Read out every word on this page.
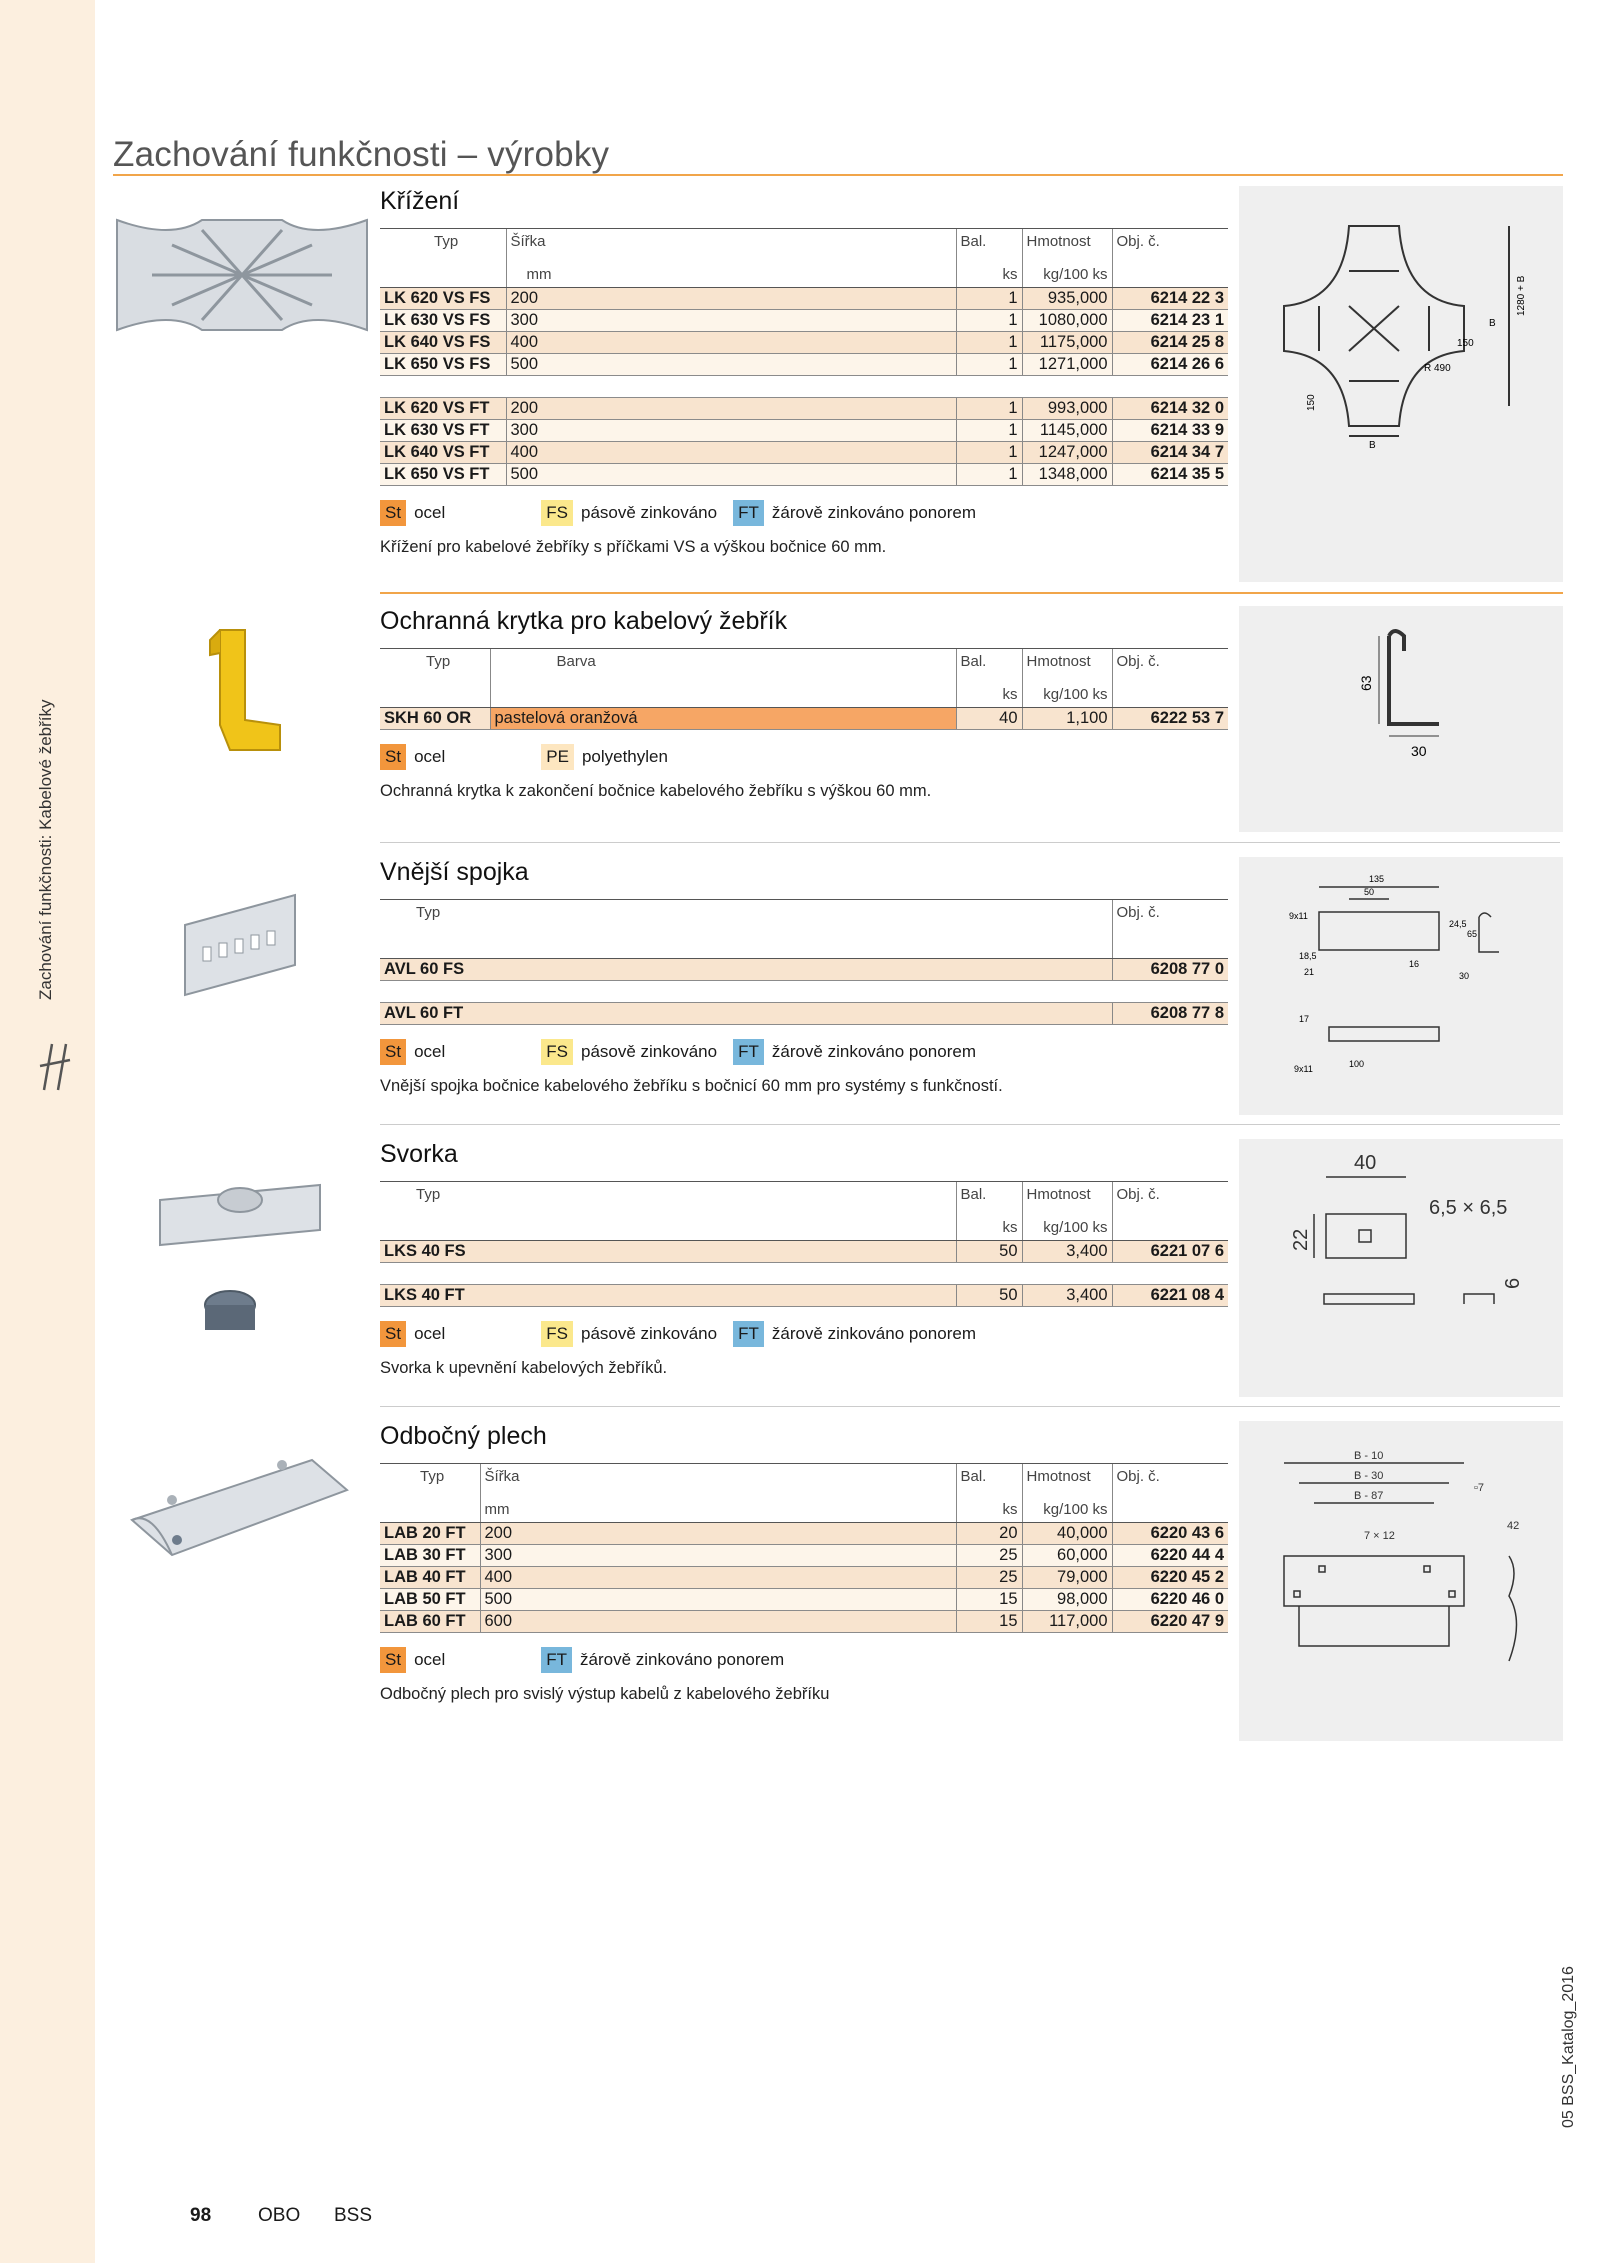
Zachování funkčnosti: Kabelové žebříky
05 BSS_Katalog_2016
Zachování funkčnosti – výrobky
1280 + B
B
150
R 490
150
B
Křížení
Typ	Šířka	Bal.	Hmotnost	Obj. č.
	mm	ks	kg/100 ks	
LK 620 VS FS	200	1	935,000	6214 22 3
LK 630 VS FS	300	1	1080,000	6214 23 1
LK 640 VS FS	400	1	1175,000	6214 25 8
LK 650 VS FS	500	1	1271,000	6214 26 6

LK 620 VS FT	200	1	993,000	6214 32 0
LK 630 VS FT	300	1	1145,000	6214 33 9
LK 640 VS FT	400	1	1247,000	6214 34 7
LK 650 VS FT	500	1	1348,000	6214 35 5
St ocel	FS pásově zinkováno FT žárově zinkováno ponorem
Křížení pro kabelové žebříky s příčkami VS a výškou bočnice 60 mm.
63
30
Ochranná krytka pro kabelový žebřík
Typ	Barva	Bal.	Hmotnost	Obj. č.
		ks	kg/100 ks	
SKH 60 OR	pastelová oranžová	40	1,100	6222 53 7
St ocel	PE polyethylen
Ochranná krytka k zakončení bočnice kabelového žebříku s výškou 60 mm.
135
50
9x11
24,5
18,5
21
16
65
30
17
9x11	100
Vnější spojka
Typ	Obj. č.

AVL 60 FS	6208 77 0

AVL 60 FT	6208 77 8
St ocel	FS pásově zinkováno FT žárově zinkováno ponorem
Vnější spojka bočnice kabelového žebříku s bočnicí 60 mm pro systémy s funkčností.
40
6,5 × 6,5
22
6
Svorka
Typ	Bal.	Hmotnost	Obj. č.
	ks	kg/100 ks	
LKS 40 FS	50	3,400	6221 07 6

LKS 40 FT	50	3,400	6221 08 4
St ocel	FS pásově zinkováno FT žárově zinkováno ponorem
Svorka k upevnění kabelových žebříků.
B - 10
B - 30
B - 87
7 × 12
▫7
42
Odbočný plech
Typ	Šířka	Bal.	Hmotnost	Obj. č.
	mm	ks	kg/100 ks	
LAB 20 FT	200	20	40,000	6220 43 6
LAB 30 FT	300	25	60,000	6220 44 4
LAB 40 FT	400	25	79,000	6220 45 2
LAB 50 FT	500	15	98,000	6220 46 0
LAB 60 FT	600	15	117,000	6220 47 9
St ocel	FT žárově zinkováno ponorem
Odbočný plech pro svislý výstup kabelů z kabelového žebříku
98 OBO BSS
